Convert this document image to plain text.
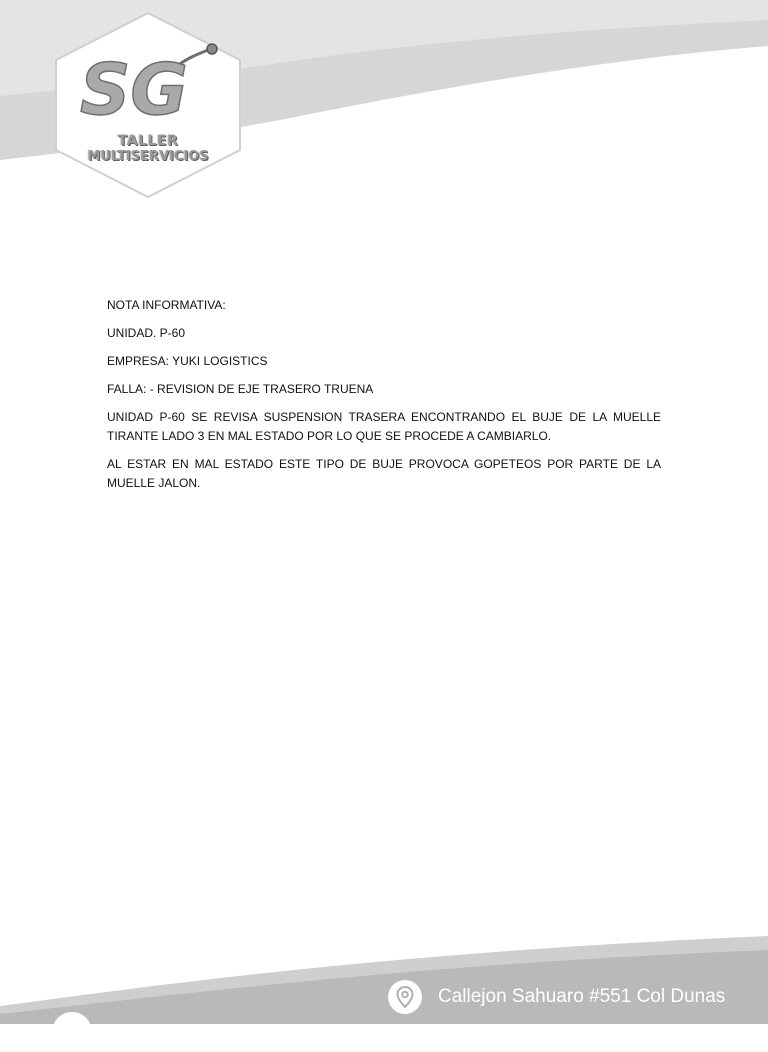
SG
TALLER
MULTISERVICIOS

NOTA INFORMATIVA:

UNIDAD. P-60

EMPRESA: YUKI LOGISTICS

FALLA: - REVISION DE EJE TRASERO TRUENA

UNIDAD P-60 SE REVISA SUSPENSION TRASERA ENCONTRANDO EL BUJE DE LA MUELLE TIRANTE LADO 3 EN MAL ESTADO POR LO QUE SE PROCEDE A CAMBIARLO.

AL ESTAR EN MAL ESTADO ESTE TIPO DE BUJE PROVOCA GOPETEOS POR PARTE DE LA MUELLE JALON.

Callejon Sahuaro #551 Col Dunas
